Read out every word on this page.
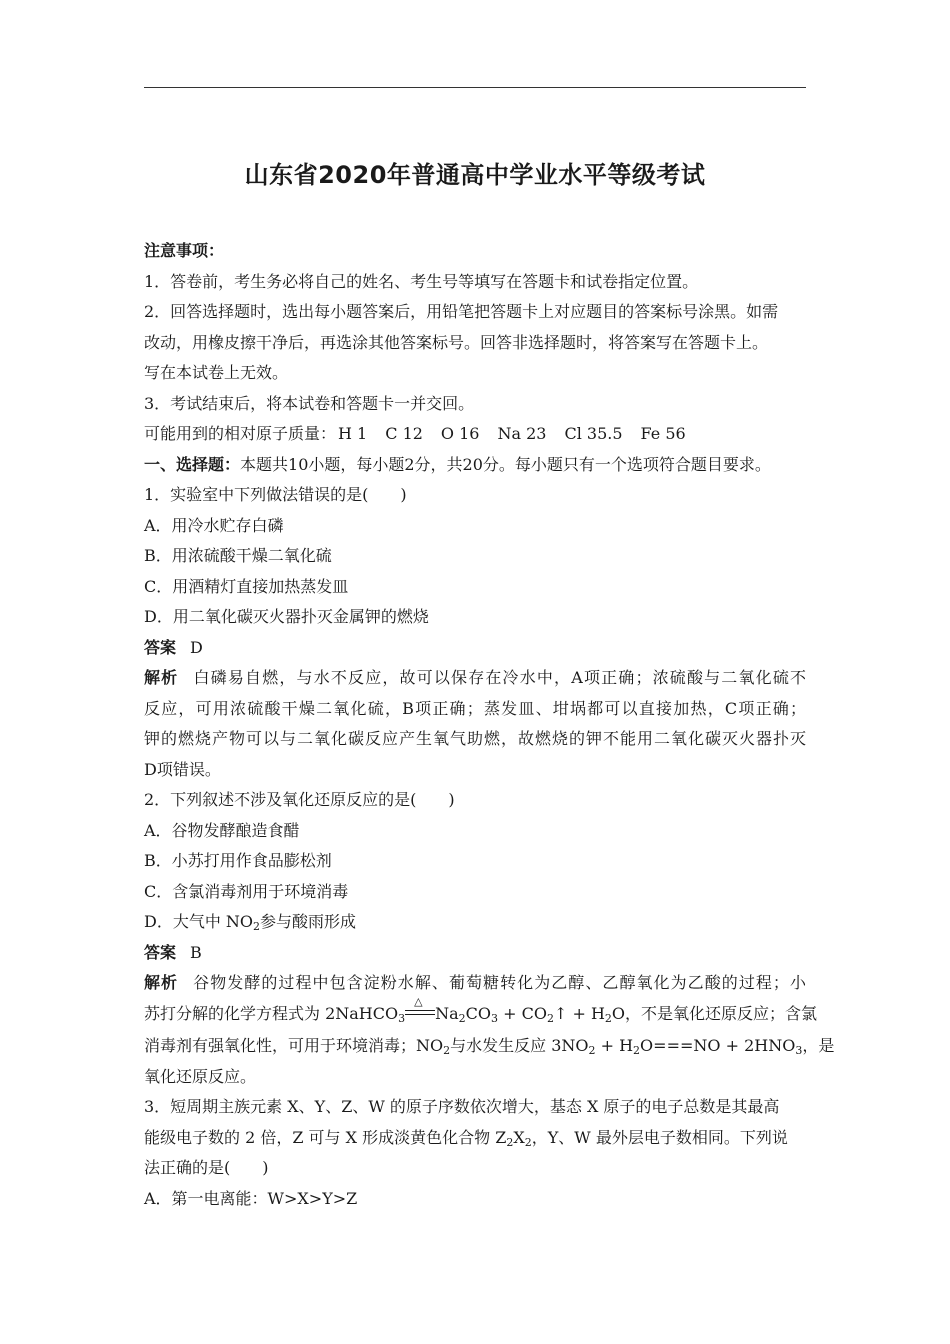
山东省2020年普通高中学业水平等级考试
注意事项：
1．答卷前，考生务必将自己的姓名、考生号等填写在答题卡和试卷指定位置。
2．回答选择题时，选出每小题答案后，用铅笔把答题卡上对应题目的答案标号涂黑。如需
改动，用橡皮擦干净后，再选涂其他答案标号。回答非选择题时，将答案写在答题卡上。
写在本试卷上无效。
3．考试结束后，将本试卷和答题卡一并交回。
可能用到的相对原子质量： H 1 C 12 O 16 Na 23 Cl 35.5 Fe 56
一、选择题：本题共10小题，每小题2分，共20分。每小题只有一个选项符合题目要求。
1．实验室中下列做法错误的是(　　)
A．用冷水贮存白磷
B．用浓硫酸干燥二氧化硫
C．用酒精灯直接加热蒸发皿
D．用二氧化碳灭火器扑灭金属钾的燃烧
答案 D
解析 白磷易自燃，与水不反应，故可以保存在冷水中，A项正确；浓硫酸与二氧化硫不
反应，可用浓硫酸干燥二氧化硫，B项正确；蒸发皿、坩埚都可以直接加热，C项正确；
钾的燃烧产物可以与二氧化碳反应产生氧气助燃，故燃烧的钾不能用二氧化碳灭火器扑灭
D项错误。
2．下列叙述不涉及氧化还原反应的是(　　)
A．谷物发酵酿造食醋
B．小苏打用作食品膨松剂
C．含氯消毒剂用于环境消毒
D．大气中 $NO_2$参与酸雨形成
答案 B
解析 谷物发酵的过程中包含淀粉水解、葡萄糖转化为乙醇、乙醇氧化为乙酸的过程；小
苏打分解的化学方程式为 2NaHCO$_3$
△
$Na_2CO_3$ + $CO_2↑ + H_2O$，不是氧化还原反应；含氯
消毒剂有强氧化性，可用于环境消毒；$NO_2$与水发生反应 $3NO_2 + H_2O===NO + 2HNO_3$，是
氧化还原反应。
3．短周期主族元素 X、Y、Z、W 的原子序数依次增大，基态 X 原子的电子总数是其最高
能级电子数的 2 倍，Z 可与 X 形成淡黄色化合物 $Z_2X_2$，Y、W 最外层电子数相同。下列说
法正确的是(　　)
A．第一电离能：W>X>Y>Z
